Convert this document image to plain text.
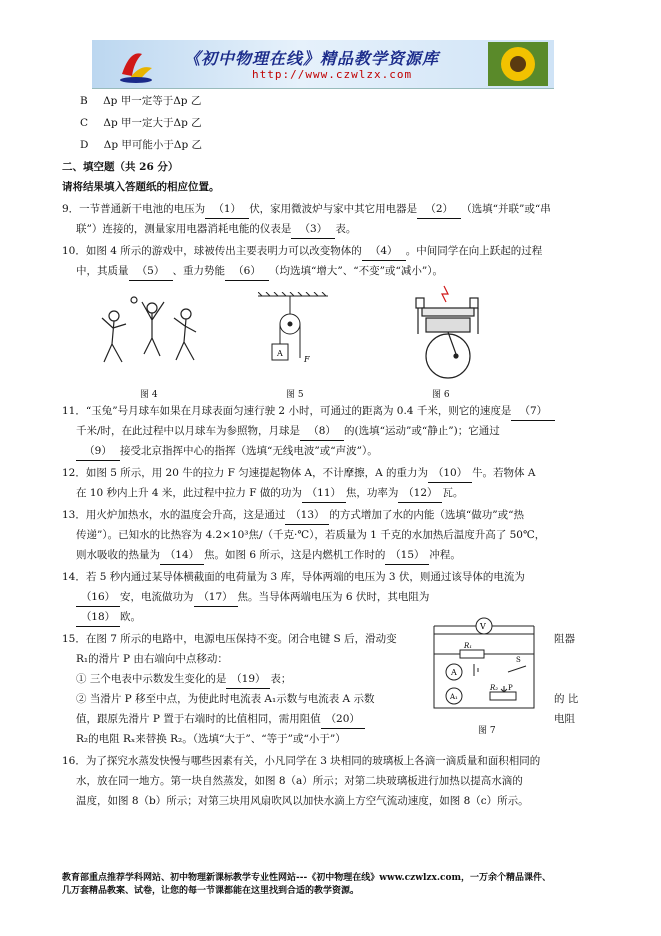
《初中物理在线》精品教学资源库
http://www.czwlzx.com
B Δp 甲一定等于Δp 乙
C Δp 甲一定大于Δp 乙
D Δp 甲可能小于Δp 乙
二、填空题（共 26 分）
请将结果填入答题纸的相应位置。
9．一节普通新干电池的电压为 （1） 伏，家用微波炉与家中其它用电器是 （2） （选填“并联”或“串
联”）连接的，测量家用电器消耗电能的仪表是 （3） 表。
10．如图 4 所示的游戏中，球被传出主要表明力可以改变物体的 （4） 。中间同学在向上跃起的过程
中，其质量 （5） 、重力势能 （6） （均选填“增大”、“不变”或“减小”）。
图 4
A
F
图 5	图 6
11．“玉兔”号月球车如果在月球表面匀速行驶 2 小时，可通过的距离为 0.4 千米，则它的速度是 （7）
千米/时，在此过程中以月球车为参照物，月球是 （8） 的(选填“运动”或“静止”)；它通过
（9） 接受北京指挥中心的指挥（选填“无线电波”或“声波”）。
12．如图 5 所示，用 20 牛的拉力 F 匀速提起物体 A，不计摩擦，A 的重力为 （10） 牛。若物体 A
在 10 秒内上升 4 米，此过程中拉力 F 做的功为 （11） 焦，功率为 （12） 瓦。
13．用火炉加热水，水的温度会升高，这是通过 （13） 的方式增加了水的内能（选填“做功”或“热
传递”）。已知水的比热容为 4.2×10³焦/（千克·℃），若质量为 1 千克的水加热后温度升高了 50℃，
则水吸收的热量为 （14） 焦。如图 6 所示，这是内燃机工作时的 （15） 冲程。
14．若 5 秒内通过某导体横截面的电荷量为 3 库，导体两端的电压为 3 伏，则通过该导体的电流为
（16） 安，电流做功为 （17） 焦。当导体两端电压为 6 伏时，其电阻为
（18） 欧。
15．在图 7 所示的电路中，电源电压保持不变。闭合电键 S 后，滑动变	阻器
R₁的滑片 P 由右端向中点移动：
① 三个电表中示数发生变化的是 （19） 表；
② 当滑片 P 移至中点，为使此时电流表 A₁示数与电流表 A 示数	的 比
值，跟原先滑片 P 置于右端时的比值相同，需用阻值 （20）	电阻
R₂的电阻 Rₓ来替换 R₂。（选填“大于”、“等于”或“小于”）
V
R₁
A
A₁
S
R₂ P
图 7
16．为了探究水蒸发快慢与哪些因素有关，小凡同学在 3 块相同的玻璃板上各滴一滴质量和面积相同的
水，放在同一地方。第一块自然蒸发，如图 8（a）所示；对第二块玻璃板进行加热以提高水滴的
温度，如图 8（b）所示；对第三块用风扇吹风以加快水滴上方空气流动速度，如图 8（c）所示。
教育部重点推荐学科网站、初中物理新课标教学专业性网站---《初中物理在线》www.czwlzx.com，一万余个精品课件、
几万套精品教案、试卷，让您的每一节课都能在这里找到合适的教学资源。
